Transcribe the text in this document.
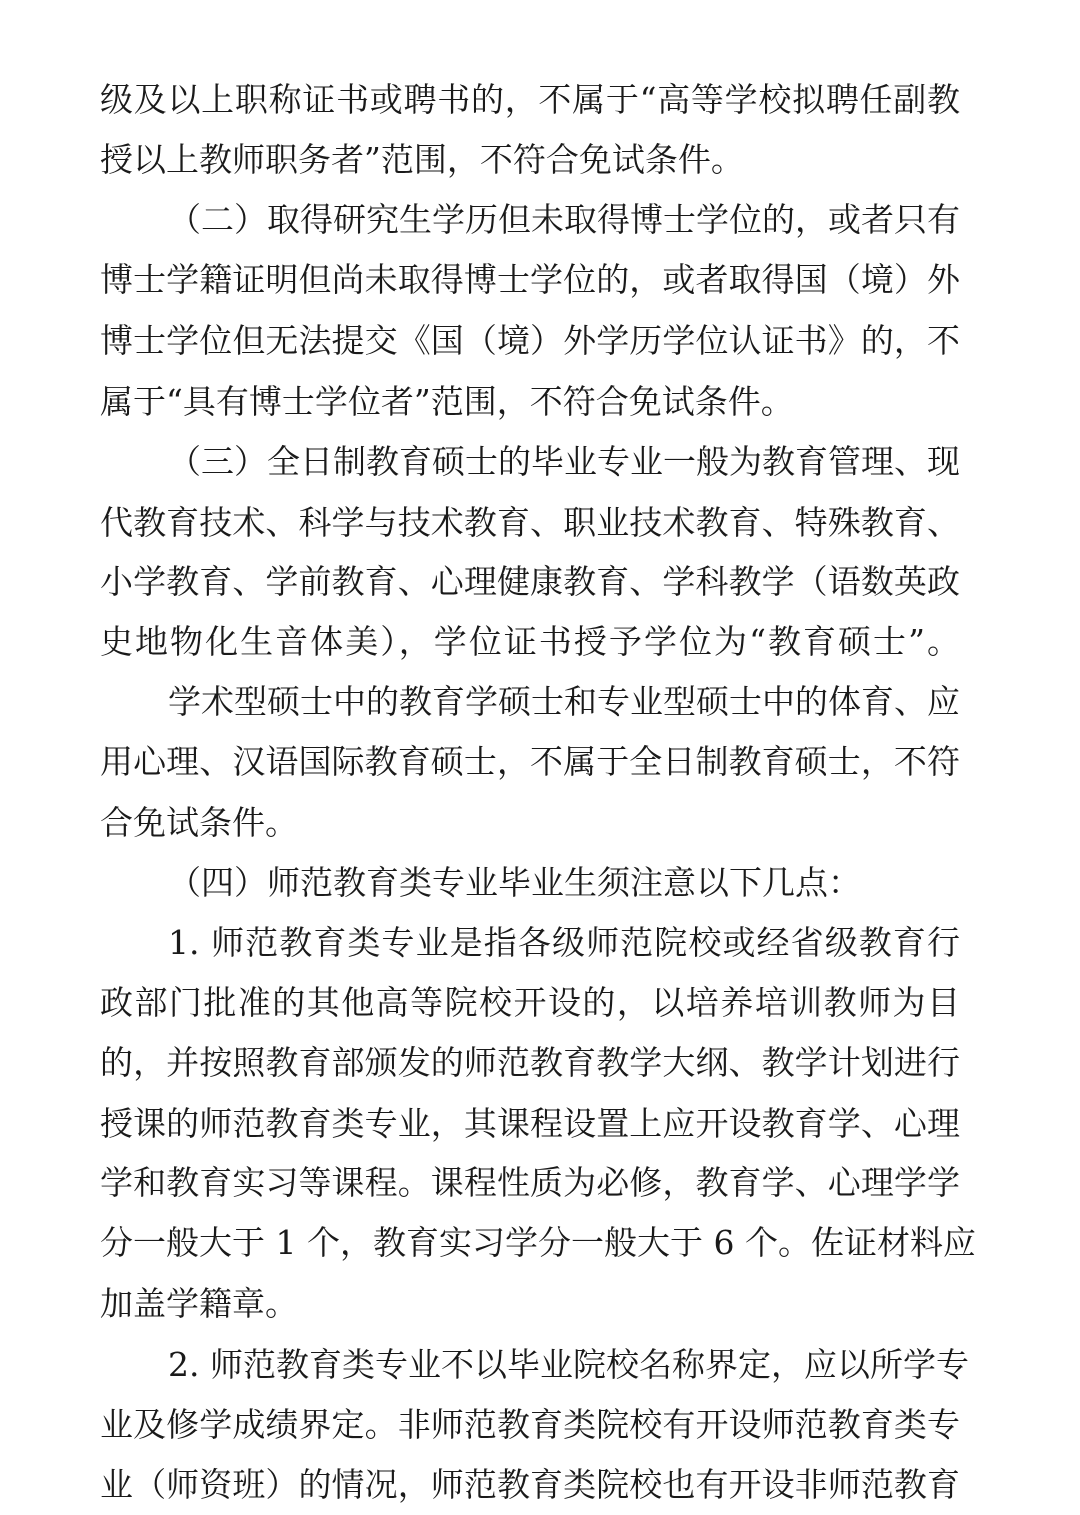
级及以上职称证书或聘书的，不属于“高等学校拟聘任副教
授以上教师职务者”范围，不符合免试条件。
（二）取得研究生学历但未取得博士学位的，或者只有
博士学籍证明但尚未取得博士学位的，或者取得国（境）外
博士学位但无法提交《国（境）外学历学位认证书》的，不
属于“具有博士学位者”范围，不符合免试条件。
（三）全日制教育硕士的毕业专业一般为教育管理、现
代教育技术、科学与技术教育、职业技术教育、特殊教育、
小学教育、学前教育、心理健康教育、学科教学（语数英政
史地物化生音体美），学位证书授予学位为“教育硕士”。
学术型硕士中的教育学硕士和专业型硕士中的体育、应
用心理、汉语国际教育硕士，不属于全日制教育硕士，不符
合免试条件。
（四）师范教育类专业毕业生须注意以下几点：
1. 师范教育类专业是指各级师范院校或经省级教育行
政部门批准的其他高等院校开设的，以培养培训教师为目
的，并按照教育部颁发的师范教育教学大纲、教学计划进行
授课的师范教育类专业，其课程设置上应开设教育学、心理
学和教育实习等课程。课程性质为必修，教育学、心理学学
分一般大于 1 个，教育实习学分一般大于 6 个。佐证材料应
加盖学籍章。
2. 师范教育类专业不以毕业院校名称界定，应以所学专
业及修学成绩界定。非师范教育类院校有开设师范教育类专
业（师资班）的情况，师范教育类院校也有开设非师范教育
